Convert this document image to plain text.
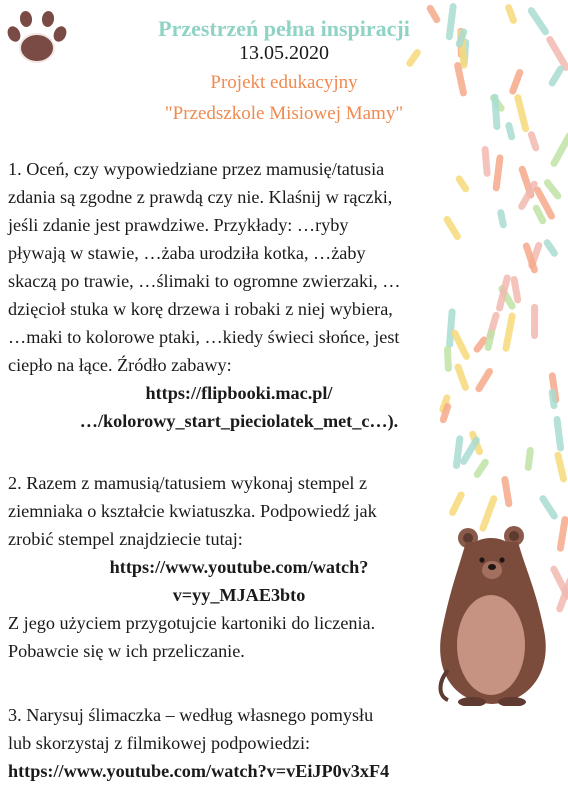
Przestrzeń pełna inspiracji
13.05.2020
Projekt edukacyjny
"Przedszkole Misiowej Mamy"

1. Oceń, czy wypowiedziane przez mamusię/tatusia

zdania są zgodne z prawdą czy nie. Klaśnij w rączki,

jeśli zdanie jest prawdziwe. Przykłady: …ryby

pływają w stawie, …żaba urodziła kotka, …żaby

skaczą po trawie, …ślimaki to ogromne zwierzaki, …

dzięcioł stuka w korę drzewa i robaki z niej wybiera,

…maki to kolorowe ptaki, …kiedy świeci słońce, jest

ciepło na łące. Źródło zabawy:

https://flipbooki.mac.pl/

…/kolorowy_start_pieciolatek_met_c…).

2. Razem z mamusią/tatusiem wykonaj stempel z

ziemniaka o kształcie kwiatuszka. Podpowiedź jak

zrobić stempel znajdziecie tutaj:

https://www.youtube.com/watch?

v=yy_MJAE3bto

Z jego użyciem przygotujcie kartoniki do liczenia.

Pobawcie się w ich przeliczanie.

3. Narysuj ślimaczka – według własnego pomysłu

lub skorzystaj z filmikowej podpowiedzi:

https://www.youtube.com/watch?v=vEiJP0v3xF4
